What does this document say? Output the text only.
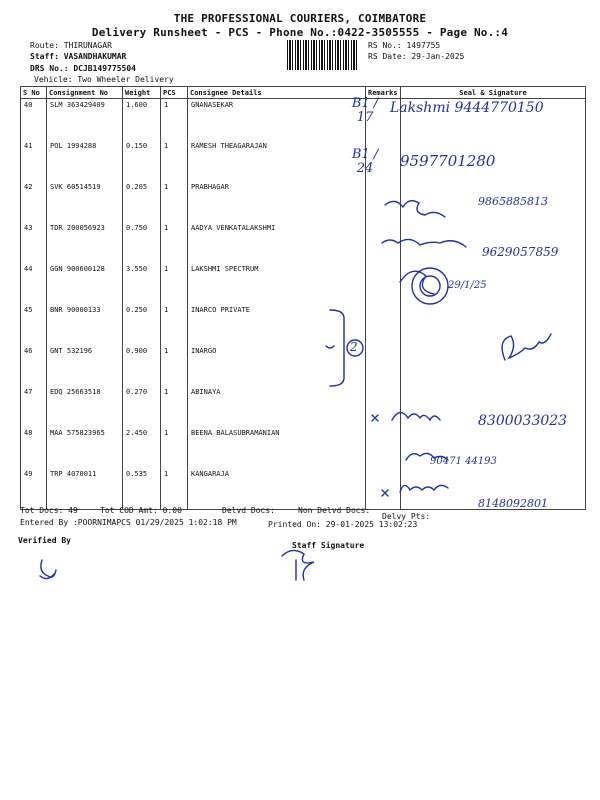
THE PROFESSIONAL COURIERS, COIMBATORE
Delivery Runsheet - PCS - Phone No.:0422-3505555 - Page No.:4
Route: THIRUNAGAR
Staff: VASANDHAKUMAR
DRS No.: DCJB149775504
Vehicle: Two Wheeler Delivery
RS No.: 1497755
RS Date: 29-Jan-2025
S No	Consignment No	Weight	PCS	Consignee Details	Remarks	Seal & Signature
40	SLM 363429409	1.600	1	GNANASEKAR		
41	POL 1994288	0.150	1	RAMESH THEAGARAJAN		
42	SVK 60514519	0.205	1	PRABHAGAR		
43	TDR 200056923	0.750	1	AADYA VENKATALAKSHMI		
44	GGN 900600128	3.550	1	LAKSHMI SPECTRUM		
45	BNR 90000133	0.250	1	INARCO PRIVATE		
46	GNT 532196	0.900	1	INARGO		
47	EDQ 25663518	0.270	1	ABINAYA		
48	MAA 575823965	2.450	1	BEENA BALASUBRAMANIAN		
49	TRP 4070011	0.535	1	KANGARAJA		
B1 / 17
Lakshmi 9444770150
B1 / 24	9597701280
9865885813
9629057859
29/1/25
8300033023
90471 44193
8148092801
2
Tot Docs: 49	Tot COD Amt: 0.00	Delvd Docs:	Non Delvd Docs:
Delvy Pts:
Entered By :POORNIMAPCS 01/29/2025 1:02:18 PM	Printed On: 29-01-2025 13:02:23
Verified By
Staff Signature
